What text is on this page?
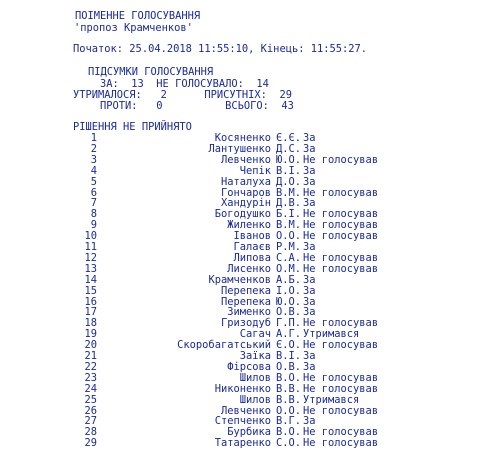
ПОІМЕННЕ ГОЛОСУВАННЯ

'пропоз Крамченков'

Початок: 25.04.2018 11:55:10, Кінець: 11:55:27.

ПІДСУМКИ ГОЛОСУВАННЯ

ЗА:  13  НЕ ГОЛОСУВАЛО:  14

УТРИМАЛОСЯ:   2      ПРИСУТНІХ:  29

ПРОТИ:   0          ВСЬОГО:  43

РІШЕННЯ НЕ ПРИЙНЯТО

1	Косяненко Є.Є. За
2	Лантушенко Д.С. За
3	Левченко Ю.О. Не голосував
4	Чепік В.І. За
5	Наталуха Д.О. За
6	Гончаров В.М. Не голосував
7	Хандурін Д.В. За
8	Богодушко Б.І. Не голосував
9	Жиленко В.М. Не голосував
10	Іванов О.О. Не голосував
11	Галаєв Р.М. За
12	Липова С.А. Не голосував
13	Лисенко О.М. Не голосував
14	Крамченков А.Б. За
15	Перепека І.О. За
16	Перепека Ю.О. За
17	Зименко О.В. За
18	Гризодуб Г.П. Не голосував
19	Сагач А.Г. Утримався
20	Скоробагатський Є.О. Не голосував
21	Заїка В.І. За
22	Фірсова О.В. За
23	Шилов В.О. Не голосував
24	Никоненко В.В. Не голосував
25	Шилов В.В. Утримався
26	Левченко О.О. Не голосував
27	Степченко В.Г. За
28	Бурбика В.О. Не голосував
29	Татаренко С.О. Не голосував
